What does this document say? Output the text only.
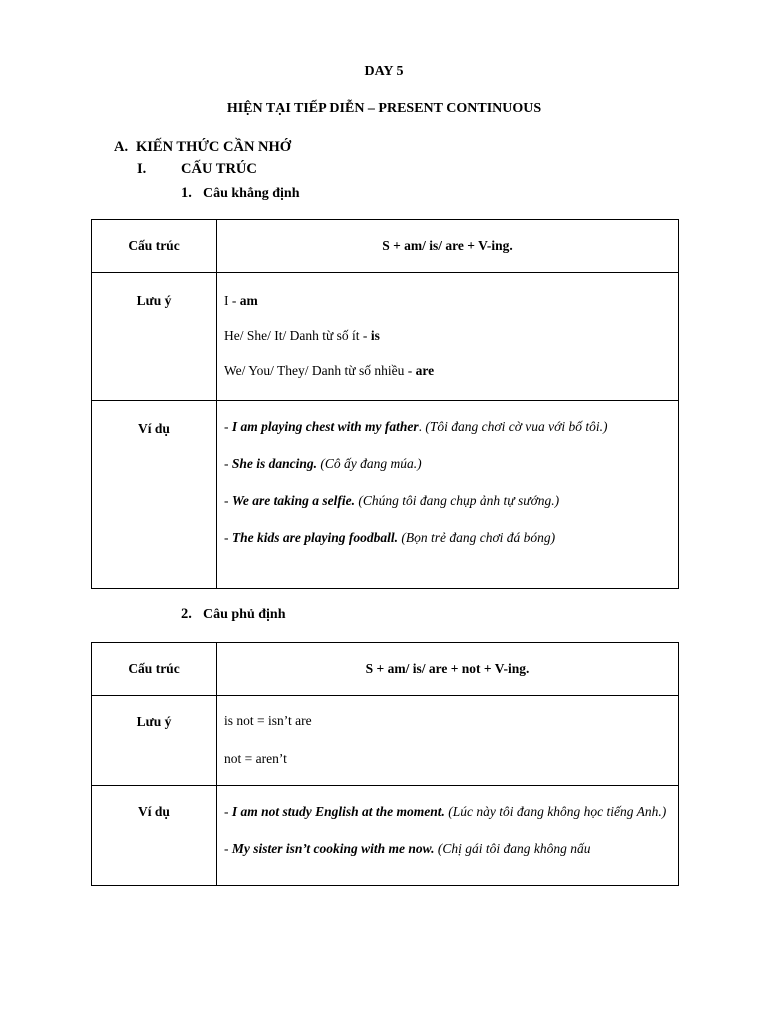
DAY 5
HIỆN TẠI TIẾP DIỄN – PRESENT CONTINUOUS
A. KIẾN THỨC CẦN NHỚ
I. CẤU TRÚC
1. Câu khẳng định
Cấu trúc	S + am/ is/ are + V-ing.

Lưu ý	I - am
He/ She/ It/ Danh từ số ít - is
We/ You/ They/ Danh từ số nhiều - are

Ví dụ	- I am playing chest with my father. (Tôi đang chơi cờ vua với bố tôi.)
- She is dancing. (Cô ấy đang múa.)
- We are taking a selfie. (Chúng tôi đang chụp ảnh tự sướng.)
- The kids are playing foodball. (Bọn trẻ đang chơi đá bóng)
2. Câu phủ định
Cấu trúc	S + am/ is/ are + not + V-ing.

Lưu ý	is not = isn’t are
not = aren’t

Ví dụ	- I am not study English at the moment. (Lúc này tôi đang không học tiếng Anh.)
- My sister isn’t cooking with me now. (Chị gái tôi đang không nấu
